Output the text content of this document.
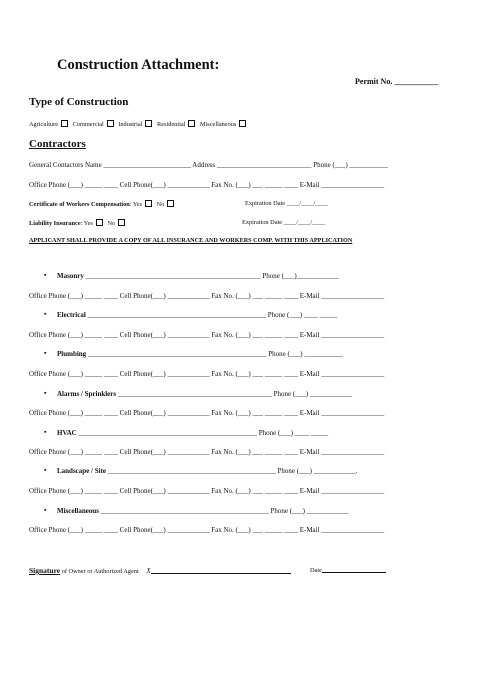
Construction Attachment:
Permit No. ___________
Type of Construction
Agriculture Commercial Industrial Residential Miscellaneous
Contractors
General Contactors Name _________________________ Address ___________________________ Phone (___) ___________
Office Phone (___) _____ ____ Cell Phone(___) ____________ Fax No. (___) ___ _____ ____ E-Mail __________________
Certificate of Workers Compensation: Yes No	Expiration Date ____/____/____
Liability Insurance: Yes No	Expiration Date ____/____/____
APPLICANT SHALL PROVIDE A COPY OF ALL INSURANCE AND WORKERS COMP. WITH THIS APPLICATION
▪ Masonry __________________________________________________ Phone (___)____________
Office Phone (___) _____ ____ Cell Phone(___) ____________ Fax No. (___) ___ _____ ____ E-Mail __________________
▪ Electrical ___________________________________________________ Phone (___) ____ _____
Office Phone (___) _____ ____ Cell Phone(___) ____________ Fax No. (___) ___ _____ ____ E-Mail __________________
▪ Plumbing ___________________________________________________ Phone (___) ___________
Office Phone (___) _____ ____ Cell Phone(___) ____________ Fax No. (___) ___ _____ ____ E-Mail __________________
▪ Alarms / Sprinklers ____________________________________________ Phone (___) ____________
Office Phone (___) _____ ____ Cell Phone(___) ____________ Fax No. (___) ___ _____ ____ E-Mail __________________
▪ HVAC ___________________________________________________ Phone (___) ____ _____
Office Phone (___) _____ ____ Cell Phone(___) ____________ Fax No. (___) ___ _____ ____ E-Mail __________________
▪ Landscape / Site ________________________________________________ Phone (___) ____________.
Office Phone (___) _____ ____ Cell Phone(___) ____________ Fax No. (___) ___ _____ ____ E-Mail __________________
▪ Miscellaneous ________________________________________________ Phone (___) ____________
Office Phone (___) _____ ____ Cell Phone(___) ____________ Fax No. (___) ___ _____ ____ E-Mail __________________
Signature of Owner or Authorized Agent X	Date
